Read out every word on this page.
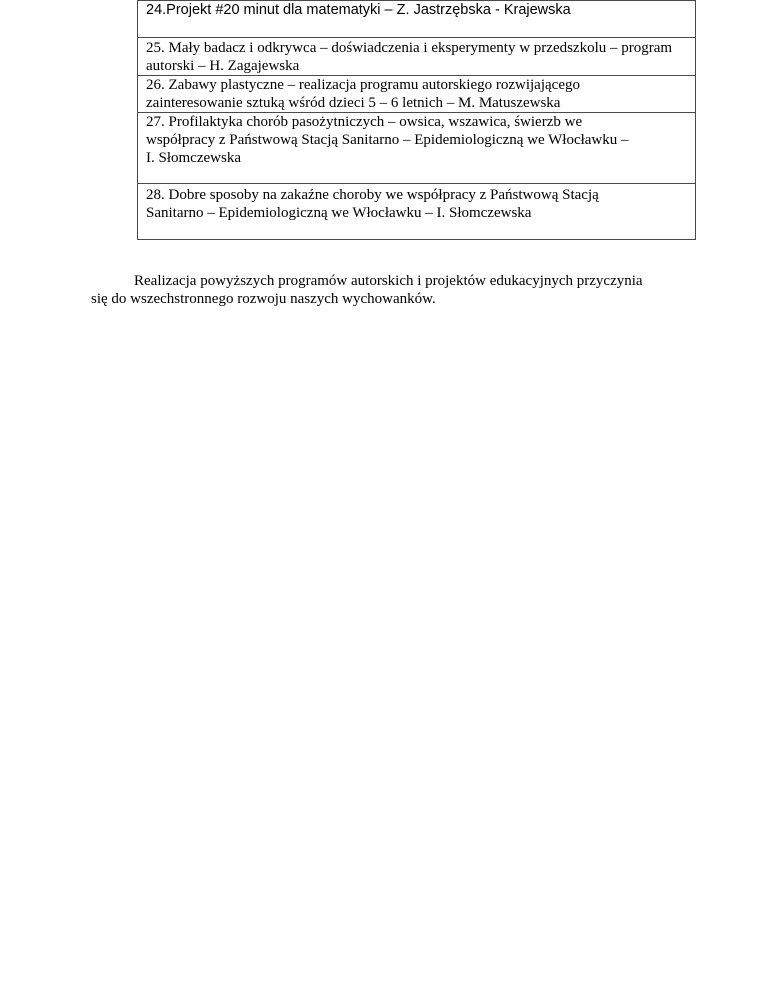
24.Projekt #20 minut dla matematyki – Z. Jastrzębska - Krajewska

25. Mały badacz i odkrywca – doświadczenia i eksperymenty w przedszkolu – program
autorski – H. Zagajewska

26. Zabawy plastyczne – realizacja programu autorskiego rozwijającego
zainteresowanie sztuką wśród dzieci 5 – 6 letnich – M. Matuszewska

27. Profilaktyka chorób pasożytniczych – owsica, wszawica, świerzb we
współpracy z Państwową Stacją Sanitarno – Epidemiologiczną we Włocławku –
I. Słomczewska

28. Dobre sposoby na zakaźne choroby we współpracy z Państwową Stacją
Sanitarno – Epidemiologiczną we Włocławku – I. Słomczewska

Realizacja powyższych programów autorskich i projektów edukacyjnych przyczynia
się do wszechstronnego rozwoju naszych wychowanków.
